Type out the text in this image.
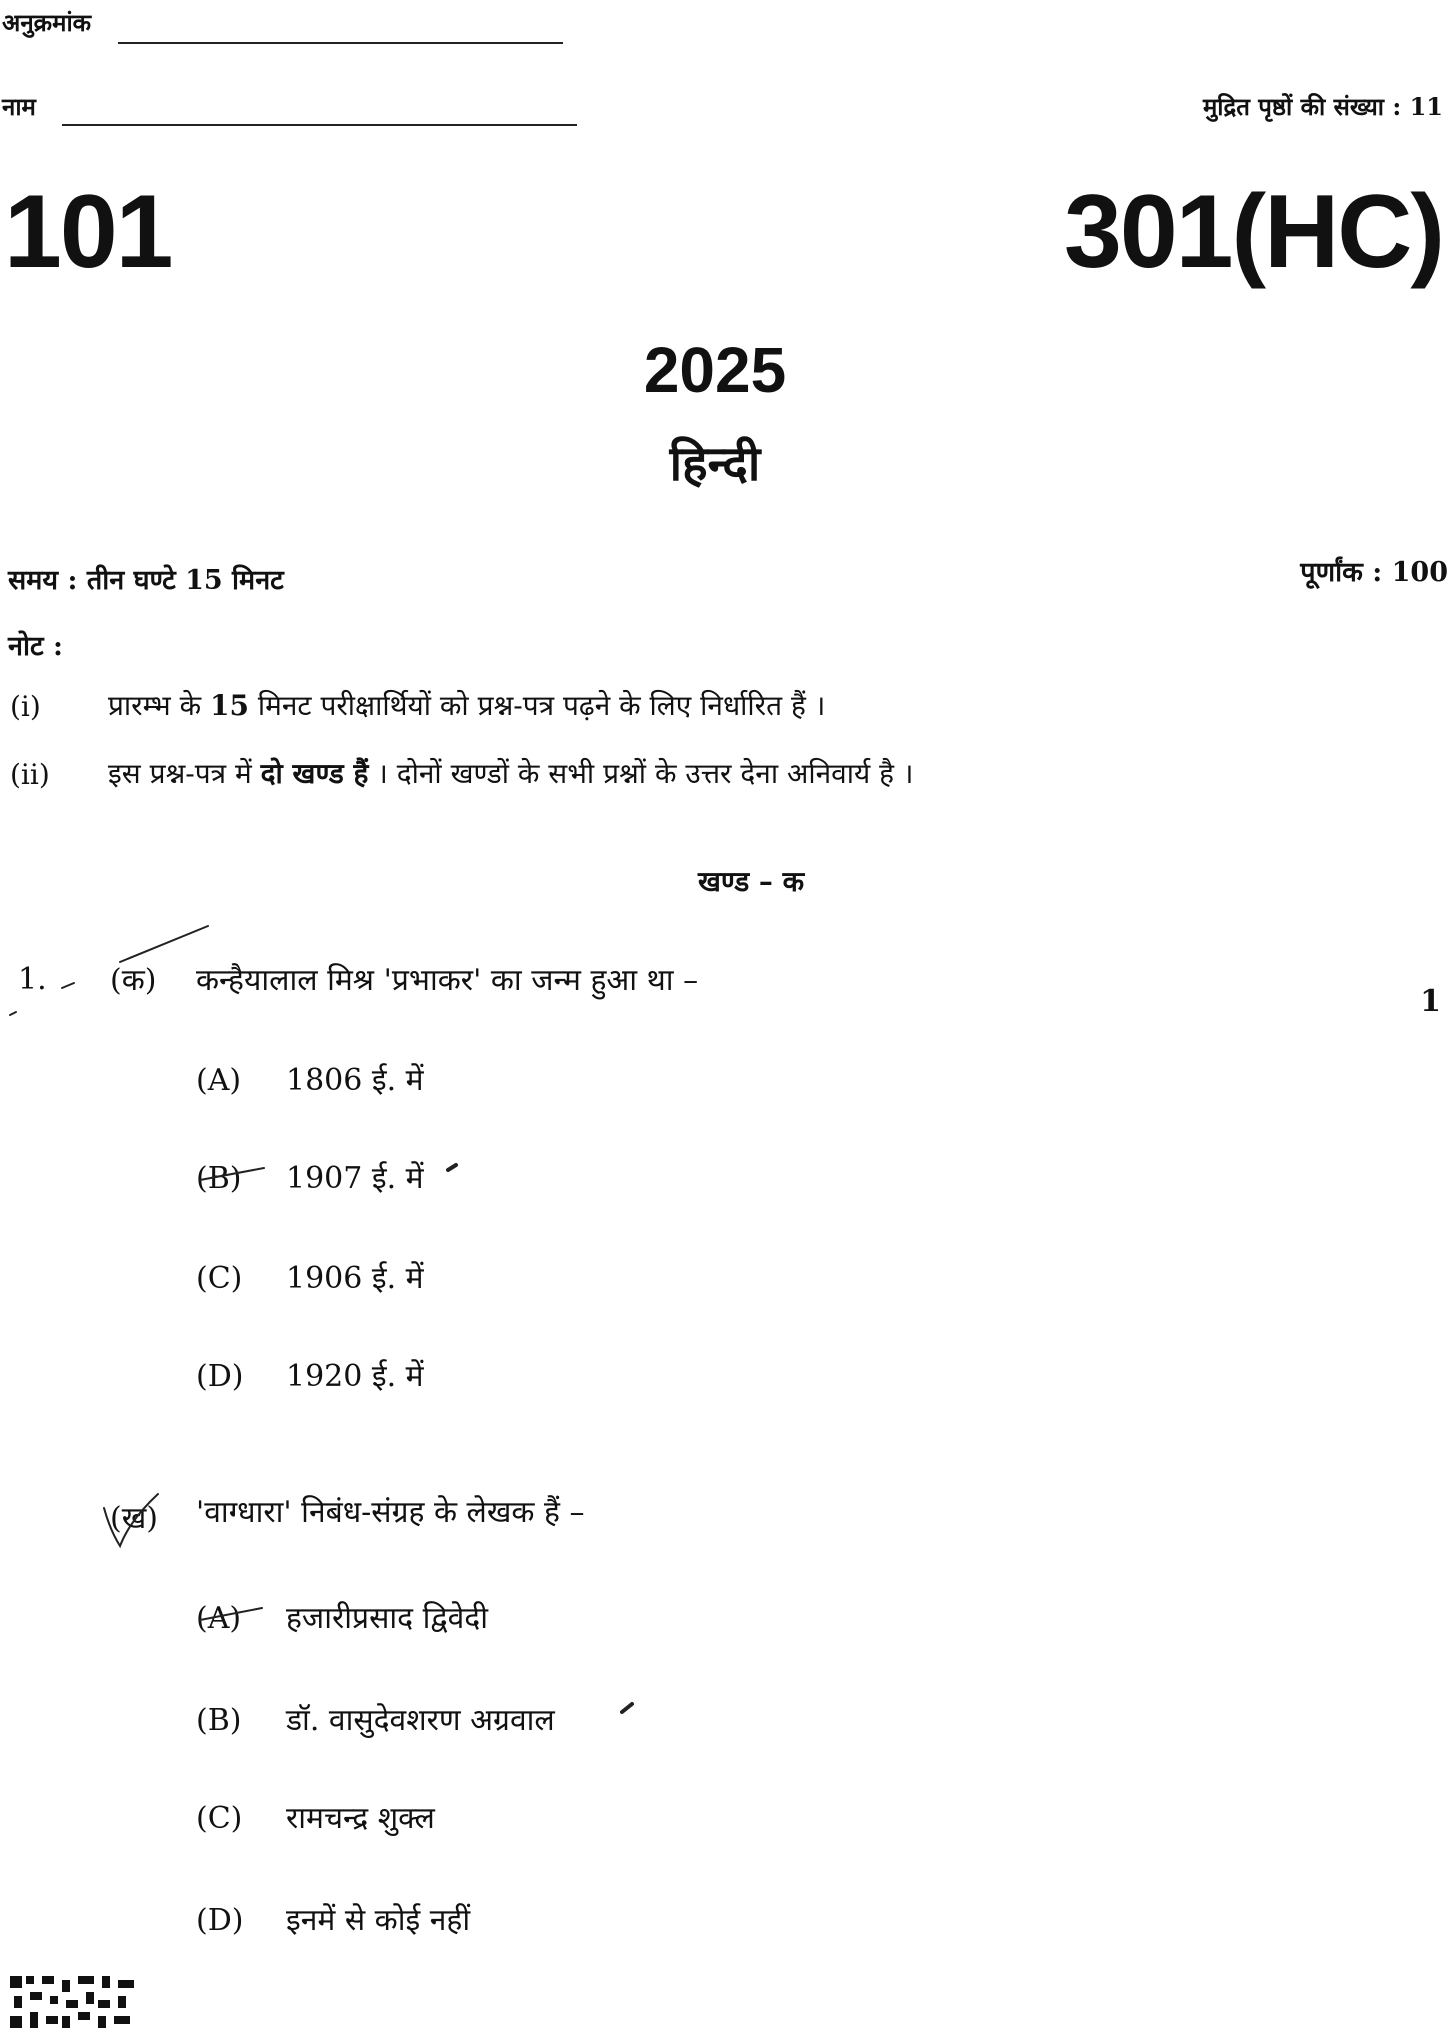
अनुक्रमांक
नाम	मुद्रित पृष्ठों की संख्या : 11
101	301(HC)
2025
हिन्दी
समय : तीन घण्टे 15 मिनट	पूर्णांक : 100
नोट :
(i) प्रारम्भ के 15 मिनट परीक्षार्थियों को प्रश्न-पत्र पढ़ने के लिए निर्धारित हैं ।
(ii) इस प्रश्न-पत्र में दो खण्ड हैं । दोनों खण्डों के सभी प्रश्नों के उत्तर देना अनिवार्य है ।
खण्ड – क
1. (क) कन्हैयालाल मिश्र 'प्रभाकर' का जन्म हुआ था –
1
(A) 1806 ई. में
(B) 1907 ई. में
(C) 1906 ई. में
(D) 1920 ई. में
(ख) 'वाग्धारा' निबंध-संग्रह के लेखक हैं –
(A) हजारीप्रसाद द्विवेदी
(B) डॉ. वासुदेवशरण अग्रवाल
(C) रामचन्द्र शुक्ल
(D) इनमें से कोई नहीं
